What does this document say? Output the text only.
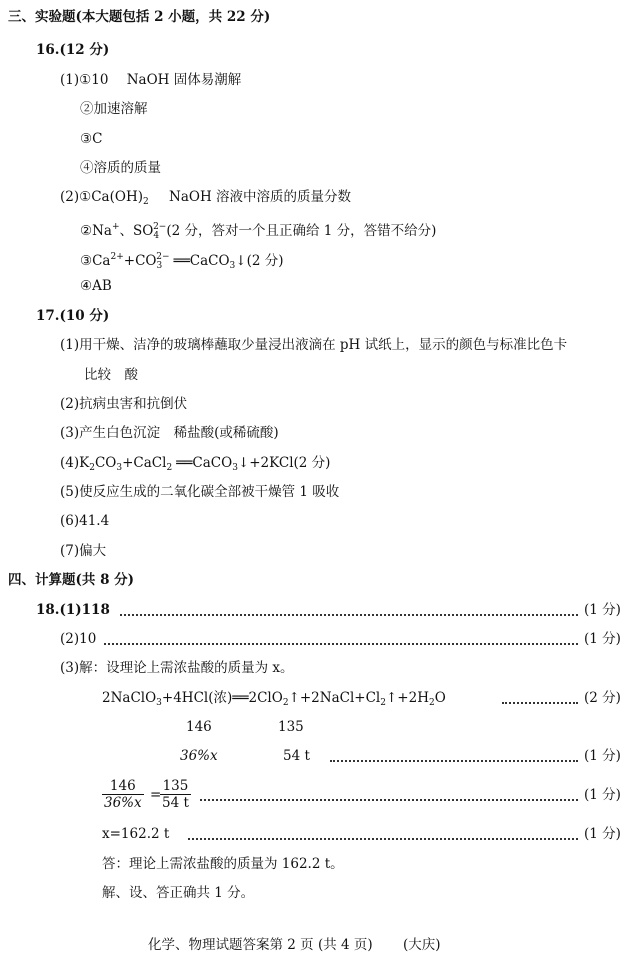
三、实验题(本大题包括 2 小题，共 22 分)
16.(12 分)
(1)①10 NaOH 固体易潮解
②加速溶解
③C
④溶质的质量
$(2)①Ca(OH)_2$ NaOH 溶液中溶质的质量分数
②Na+、$SO_4^{2-}(2$ 分，答对一个且正确给 1 分，答错不给分)
$③Ca^{2+}+CO_3^{2-}$ ══CaCO$_3$↓(2 分)
④AB
17.(10 分)
(1)用干燥、洁净的玻璃棒蘸取少量浸出液滴在 pH 试纸上，显示的颜色与标准比色卡
比较　酸
(2)抗病虫害和抗倒伏
(3)产生白色沉淀　稀盐酸(或稀硫酸)
$(4)K_2CO_3+CaCl_2$ ══CaCO$_3$↓+2KCl(2 分)
(5)使反应生成的二氧化碳全部被干燥管 1 吸收
(6)41.4
(7)偏大
四、计算题(共 8 分)
18.(1)118	(1 分)
(2)10	(1 分)
(3)解：设理论上需浓盐酸的质量为 x。
2NaClO$_3$+4HCl(浓)$══2ClO_2↑+2NaCl+Cl_2↑+2H_2O$	(2 分)
146	135
36%x	54 t	(1 分)
$\frac{146}{36\%x}$ =
$\frac{135}{54 t}$	(1 分)
x=162.2 t	(1 分)
答：理论上需浓盐酸的质量为 162.2 t。
解、设、答正确共 1 分。
化学、物理试题答案第 2 页 (共 4 页) (大庆)
